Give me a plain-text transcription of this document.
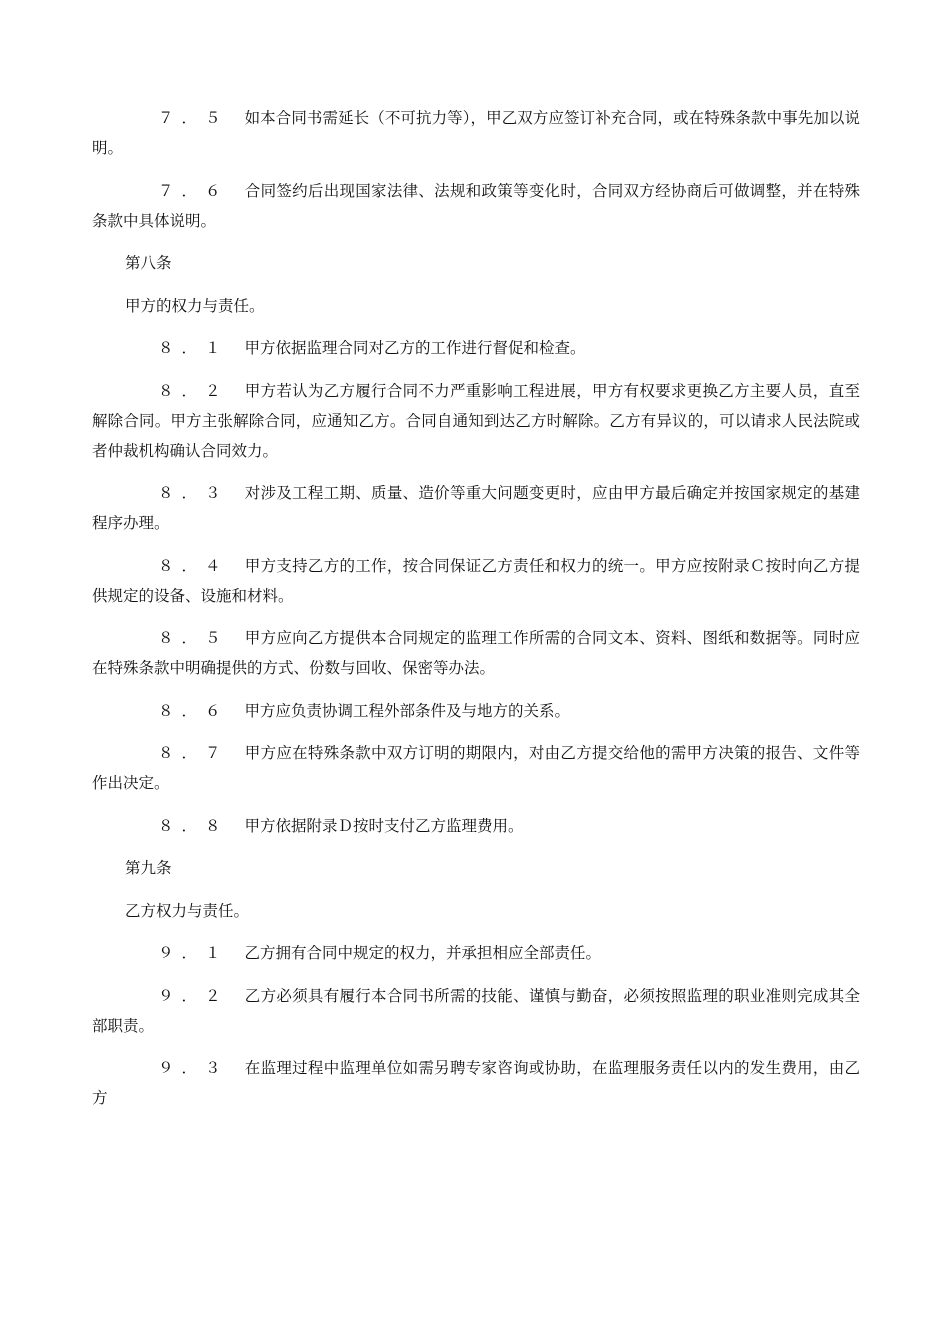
７．５ 如本合同书需延长（不可抗力等），甲乙双方应签订补充合同，或在特殊条款中事先加以说明。

７．６ 合同签约后出现国家法律、法规和政策等变化时，合同双方经协商后可做调整，并在特殊条款中具体说明。

第八条

甲方的权力与责任。

８．１ 甲方依据监理合同对乙方的工作进行督促和检查。

８．２ 甲方若认为乙方履行合同不力严重影响工程进展，甲方有权要求更换乙方主要人员，直至解除合同。甲方主张解除合同，应通知乙方。合同自通知到达乙方时解除。乙方有异议的，可以请求人民法院或者仲裁机构确认合同效力。

８．３ 对涉及工程工期、质量、造价等重大问题变更时，应由甲方最后确定并按国家规定的基建程序办理。

８．４ 甲方支持乙方的工作，按合同保证乙方责任和权力的统一。甲方应按附录Ｃ按时向乙方提供规定的设备、设施和材料。

８．５ 甲方应向乙方提供本合同规定的监理工作所需的合同文本、资料、图纸和数据等。同时应在特殊条款中明确提供的方式、份数与回收、保密等办法。

８．６ 甲方应负责协调工程外部条件及与地方的关系。

８．７ 甲方应在特殊条款中双方订明的期限内，对由乙方提交给他的需甲方决策的报告、文件等作出决定。

８．８ 甲方依据附录Ｄ按时支付乙方监理费用。

第九条

乙方权力与责任。

９．１ 乙方拥有合同中规定的权力，并承担相应全部责任。

９．２ 乙方必须具有履行本合同书所需的技能、谨慎与勤奋，必须按照监理的职业准则完成其全部职责。

９．３ 在监理过程中监理单位如需另聘专家咨询或协助，在监理服务责任以内的发生费用，由乙方
